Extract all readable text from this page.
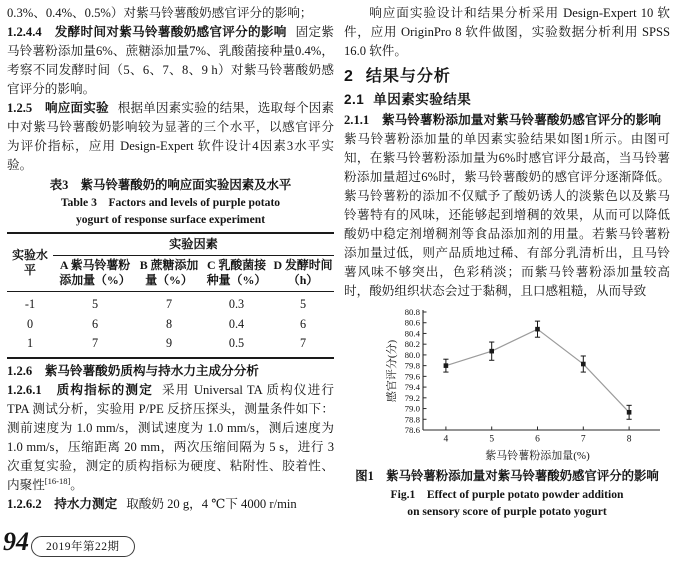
0.3%、0.4%、0.5%）对紫马铃薯酸奶感官评分的影响；

1.2.4.4　发酵时间对紫马铃薯酸奶感官评分的影响 固定紫马铃薯粉添加量6%、蔗糖添加量7%、乳酸菌接种量0.4%，考察不同发酵时间（5、6、7、8、9 h）对紫马铃薯酸奶感官评分的影响。

1.2.5　响应面实验 根据单因素实验的结果，选取每个因素中对紫马铃薯酸奶影响较为显著的三个水平，以感官评分为评价指标，应用 Design-Expert 软件设计4因素3水平实验。

表3　紫马铃薯酸奶的响应面实验因素及水平
Table 3　Factors and levels of purple potato
yogurt of response surface experiment
实验水平	实验因素			
	A 紫马铃薯粉添加量（%）	B 蔗糖添加量（%）	C 乳酸菌接种量（%）	D 发酵时间（h）
-1	5	7	0.3	5
0	6	8	0.4	6
1	7	9	0.5	7

1.2.6　紫马铃薯酸奶质构与持水力主成分分析

1.2.6.1　质构指标的测定 采用 Universal TA 质构仪进行 TPA 测试分析，实验用 P/PE 反挤压探头，测量条件如下：测前速度为 1.0 mm/s，测试速度为 1.0 mm/s，测后速度为 1.0 mm/s，压缩距离 20 mm，两次压缩间隔为 5 s，进行 3 次重复实验，测定的质构指标为硬度、粘附性、胶着性、内聚性[16-18]。

1.2.6.2　持水力测定 取酸奶 20 g，4 ℃下 4000 r/min

响应面实验设计和结果分析采用 Design-Expert 10 软件，应用 OriginPro 8 软件做图，实验数据分析利用 SPSS 16.0 软件。

2 结果与分析
2.1 单因素实验结果

2.1.1　紫马铃薯粉添加量对紫马铃薯酸奶感官评分的影响紫马铃薯粉添加量的单因素实验结果如图1所示。由图可知，在紫马铃薯粉添加量为6%时感官评分最高，当马铃薯粉添加量超过6%时，紫马铃薯酸奶的感官评分逐渐降低。紫马铃薯粉的添加不仅赋予了酸奶诱人的淡紫色以及紫马铃薯特有的风味，还能够起到增稠的效果，从而可以降低酸奶中稳定剂增稠剂等食品添加剂的用量。若紫马铃薯粉添加量过低，则产品质地过稀、有部分乳清析出，且马铃薯风味不够突出，色彩稍淡；而紫马铃薯粉添加量较高时，酸奶组织状态会过于黏稠，且口感粗糙，从而导致

78.6
78.8
79.0
79.2
79.4
79.6
79.8
80.0
80.2
80.4
80.6
80.8
4	5	6	7	8
紫马铃薯粉添加量(%)
感官评分(分)
图1　紫马铃薯粉添加量对紫马铃薯酸奶感官评分的影响
Fig.1　Effect of purple potato powder addition
on sensory score of purple potato yogurt
94	2019年第22期
